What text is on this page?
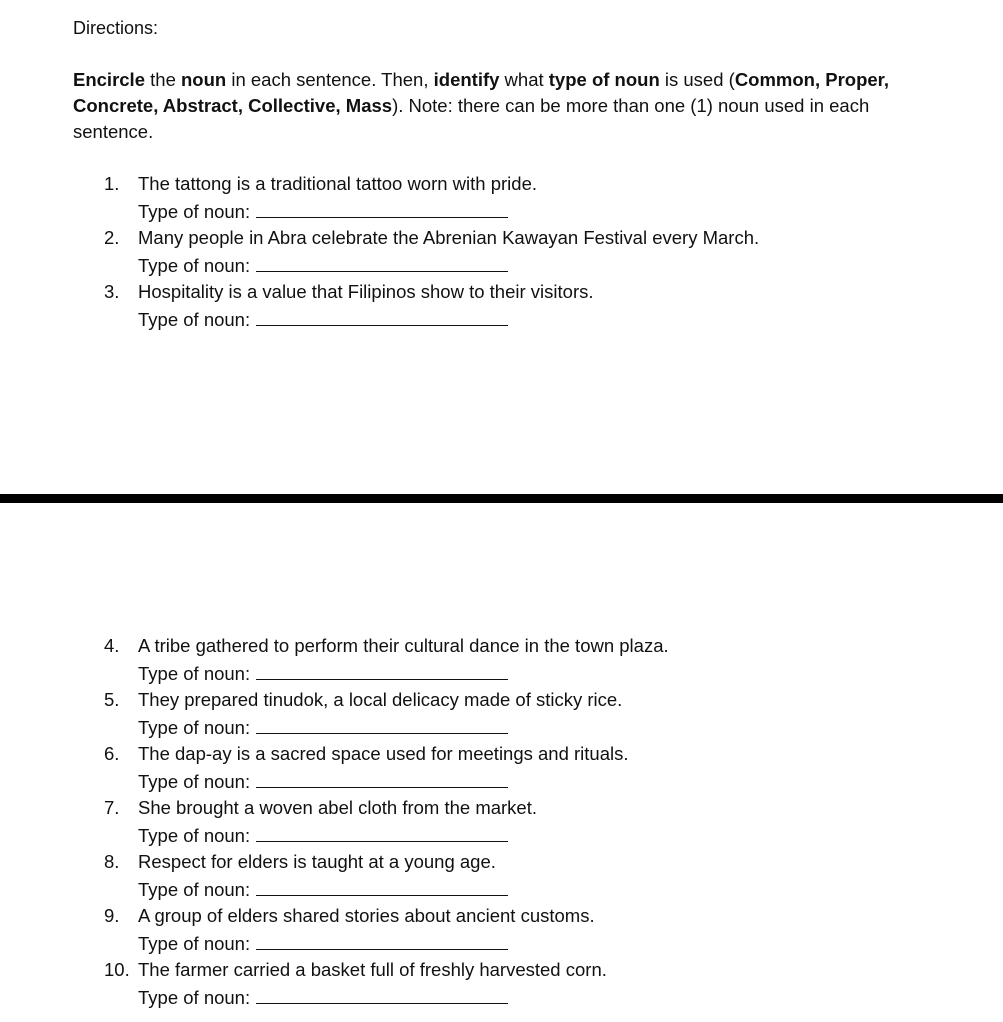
Directions:
Encircle the noun in each sentence. Then, identify what type of noun is used (Common, Proper, Concrete, Abstract, Collective, Mass). Note: there can be more than one (1) noun used in each sentence.
1. The tattong is a traditional tattoo worn with pride.
Type of noun:
2. Many people in Abra celebrate the Abrenian Kawayan Festival every March.
Type of noun:
3. Hospitality is a value that Filipinos show to their visitors.
Type of noun:
4. A tribe gathered to perform their cultural dance in the town plaza.
Type of noun:
5. They prepared tinudok, a local delicacy made of sticky rice.
Type of noun:
6. The dap-ay is a sacred space used for meetings and rituals.
Type of noun:
7. She brought a woven abel cloth from the market.
Type of noun:
8. Respect for elders is taught at a young age.
Type of noun:
9. A group of elders shared stories about ancient customs.
Type of noun:
10. The farmer carried a basket full of freshly harvested corn.
Type of noun:
